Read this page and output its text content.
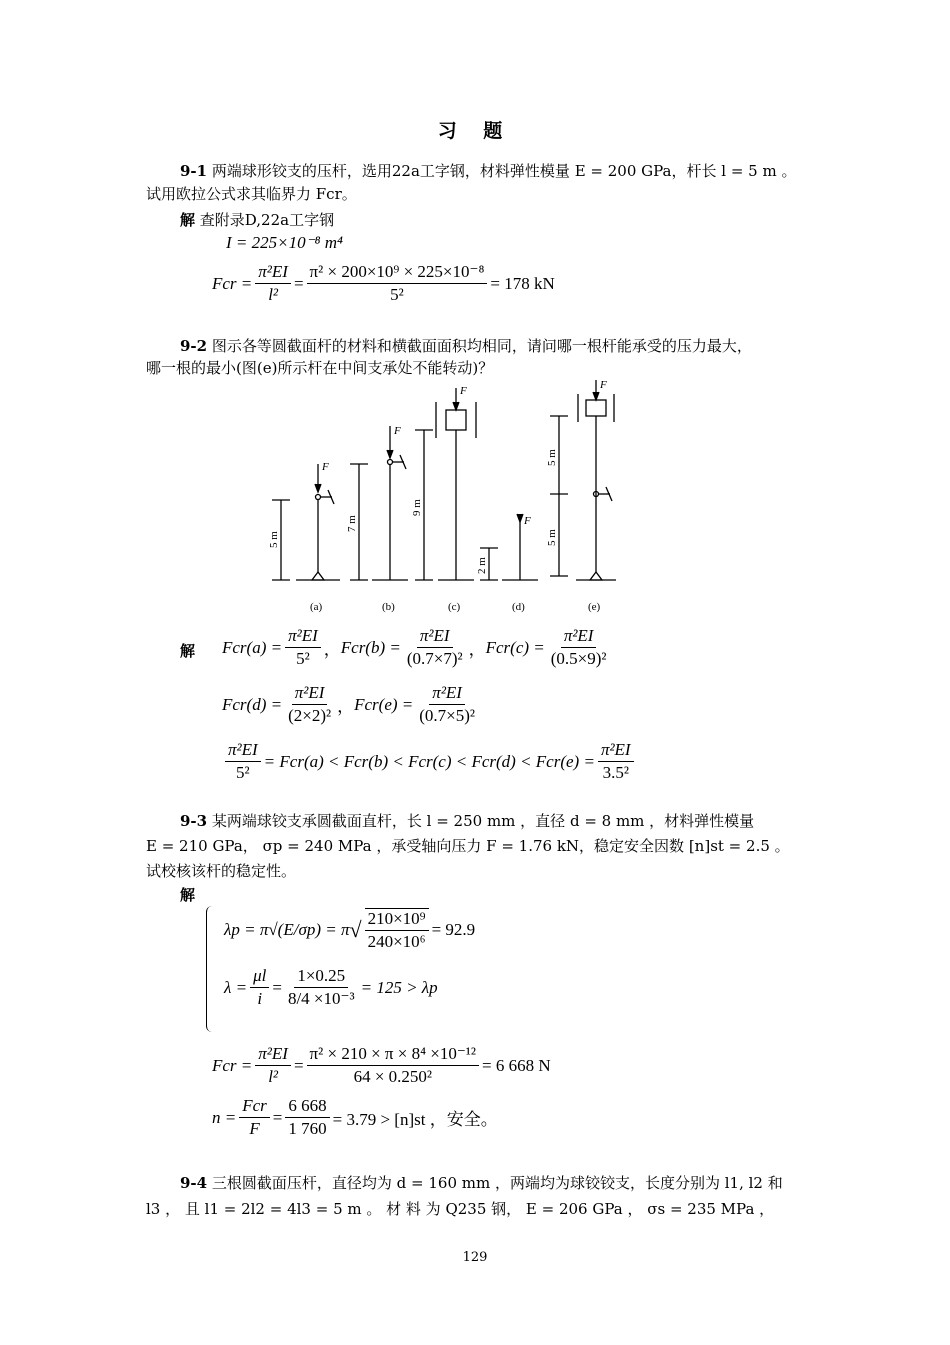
习 题
9-1 两端球形铰支的压杆，选用22a工字钢，材料弹性模量 E = 200 GPa，杆长 l = 5 m 。
试用欧拉公式求其临界力 Fcr。
解 查附录D,22a工字钢
I = 225×10⁻⁸ m⁴
Fcr = $\frac{\text{π²EI}}{\text{l²}} = \frac{\text{π² × 200×10⁹ × 225×10⁻⁸}}{\text{5²}} = 178$ kN
9-2 图示各等圆截面杆的材料和横截面面积均相同，请问哪一根杆能承受的压力最大，
哪一根的最小(图(e)所示杆在中间支承处不能转动)？
F
F
F
F
F
5 m
7 m
9 m
2 m
5 m
5 m
(a)	(b)	(c)	(d)	(e)
解 $Fcr(a) = \frac{\text{π²EI}}{\text{5²}}$ ， $Fcr(b) = \frac{\text{π²EI}}{\text{(0.7×7)²}}$ ， $Fcr(c) = \frac{\text{π²EI}}{\text{(0.5×9)²}}$
$Fcr(d) = \frac{\text{π²EI}}{\text{(2×2)²}}$ ， $Fcr(e) = \frac{\text{π²EI}}{\text{(0.7×5)²}}$
$\frac{\text{π²EI}}{\text{5²}} = Fcr(a) < Fcr(b) < Fcr(c) < Fcr(d) < Fcr(e) = \frac{\text{π²EI}}{\text{3.5²}}$
9-3 某两端球铰支承圆截面直杆，长 l = 250 mm ，直径 d = 8 mm ，材料弹性模量
E = 210 GPa， σp = 240 MPa ，承受轴向压力 F = 1.76 kN，稳定安全因数 [n]st = 2.5 。
试校核该杆的稳定性。
解
λp = π√(E/σp) = π √ $\frac{\text{210×10⁹}}{\text{240×10⁶}} = 92.9$
$\lambda = \frac{\mu l}{i} = \frac{1\times 0.25}{\text{8/4 ×10⁻³}} = 125 > \lambda p$
Fcr = $\frac{\text{π²EI}}{\text{l²}} = \frac{\text{π² × 210 × π × 8⁴ ×10⁻¹²}}{\text{64 × 0.250²}} = 6$ 668 N
$n = \frac{\text{Fcr}}{F} = \frac{6 668}{1 760} = 3.79 > [n]st$ ，安全。
9-4 三根圆截面压杆，直径均为 d = 160 mm ，两端均为球铰铰支，长度分别为 l1, l2 和
l3 ， 且 l1 = 2l2 = 4l3 = 5 m 。 材 料 为 Q235 钢， E = 206 GPa ， σs = 235 MPa ，
129
